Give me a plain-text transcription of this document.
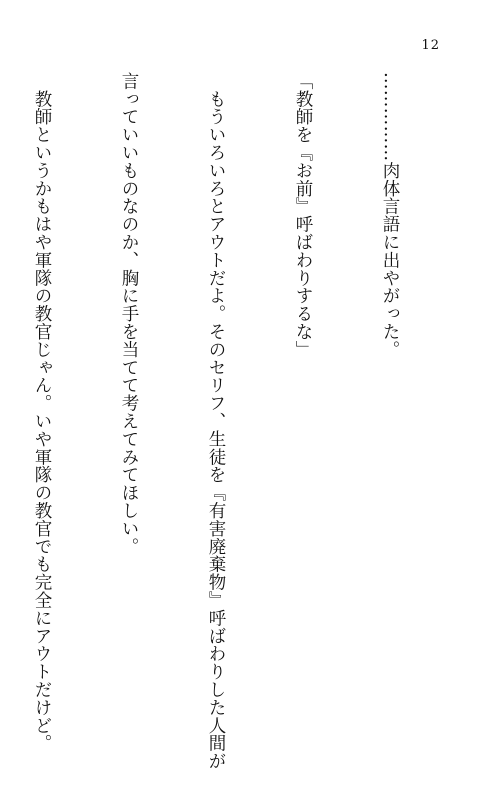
12

……………肉体言語に出やがった。

「教師を『お前』呼ばわりするな」

　もういろいろとアウトだよ。そのセリフ、生徒を『有害廃棄物』呼ばわりした人間が

言っていいものなのか、胸に手を当てて考えてみてほしい。

　教師というかもはや軍隊の教官じゃん。いや軍隊の教官でも完全にアウトだけど。
